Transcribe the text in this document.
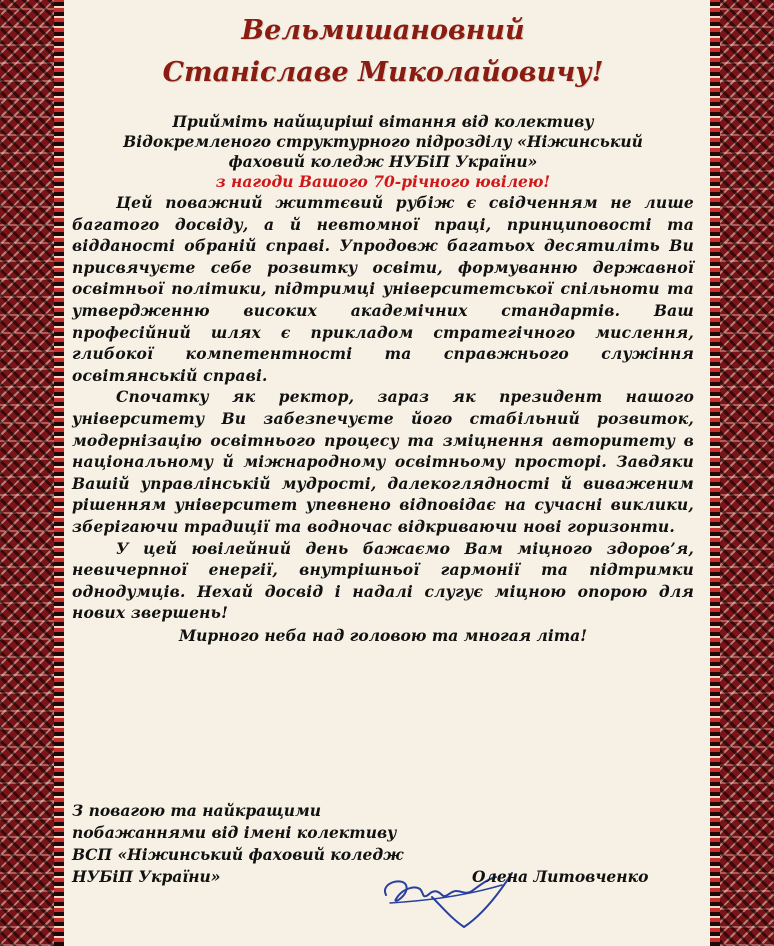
Вельмишановний
Станіславе Миколайовичу!
Прийміть найщиріші вітання від колективу
Відокремленого структурного підрозділу «Ніжинський
фаховий коледж НУБіП України»
з нагоди Вашого 70-річного ювілею!

Цей поважний життєвий рубіж є свідченням не лише багатого досвіду, а й невтомної праці, принциповості та відданості обраній справі. Упродовж багатьох десятиліть Ви присвячуєте себе розвитку освіти, формуванню державної освітньої політики, підтримці університетської спільноти та утвердженню високих академічних стандартів. Ваш професійний шлях є прикладом стратегічного мислення, глибокої компетентності та справжнього служіння освітянській справі.

Спочатку як ректор, зараз як президент нашого університету Ви забезпечуєте його стабільний розвиток, модернізацію освітнього процесу та зміцнення авторитету в національному й міжнародному освітньому просторі. Завдяки Вашій управлінській мудрості, далекоглядності й виваженим рішенням університет упевнено відповідає на сучасні виклики, зберігаючи традиції та водночас відкриваючи нові горизонти.

У цей ювілейний день бажаємо Вам міцного здоров’я, невичерпної енергії, внутрішньої гармонії та підтримки однодумців. Нехай досвід і надалі слугує міцною опорою для нових звершень!

Мирного неба над головою та многая літа!
З повагою та найкращими
побажаннями від імені колективу
ВСП «Ніжинський фаховий коледж
НУБіП України»	Олена Литовченко
